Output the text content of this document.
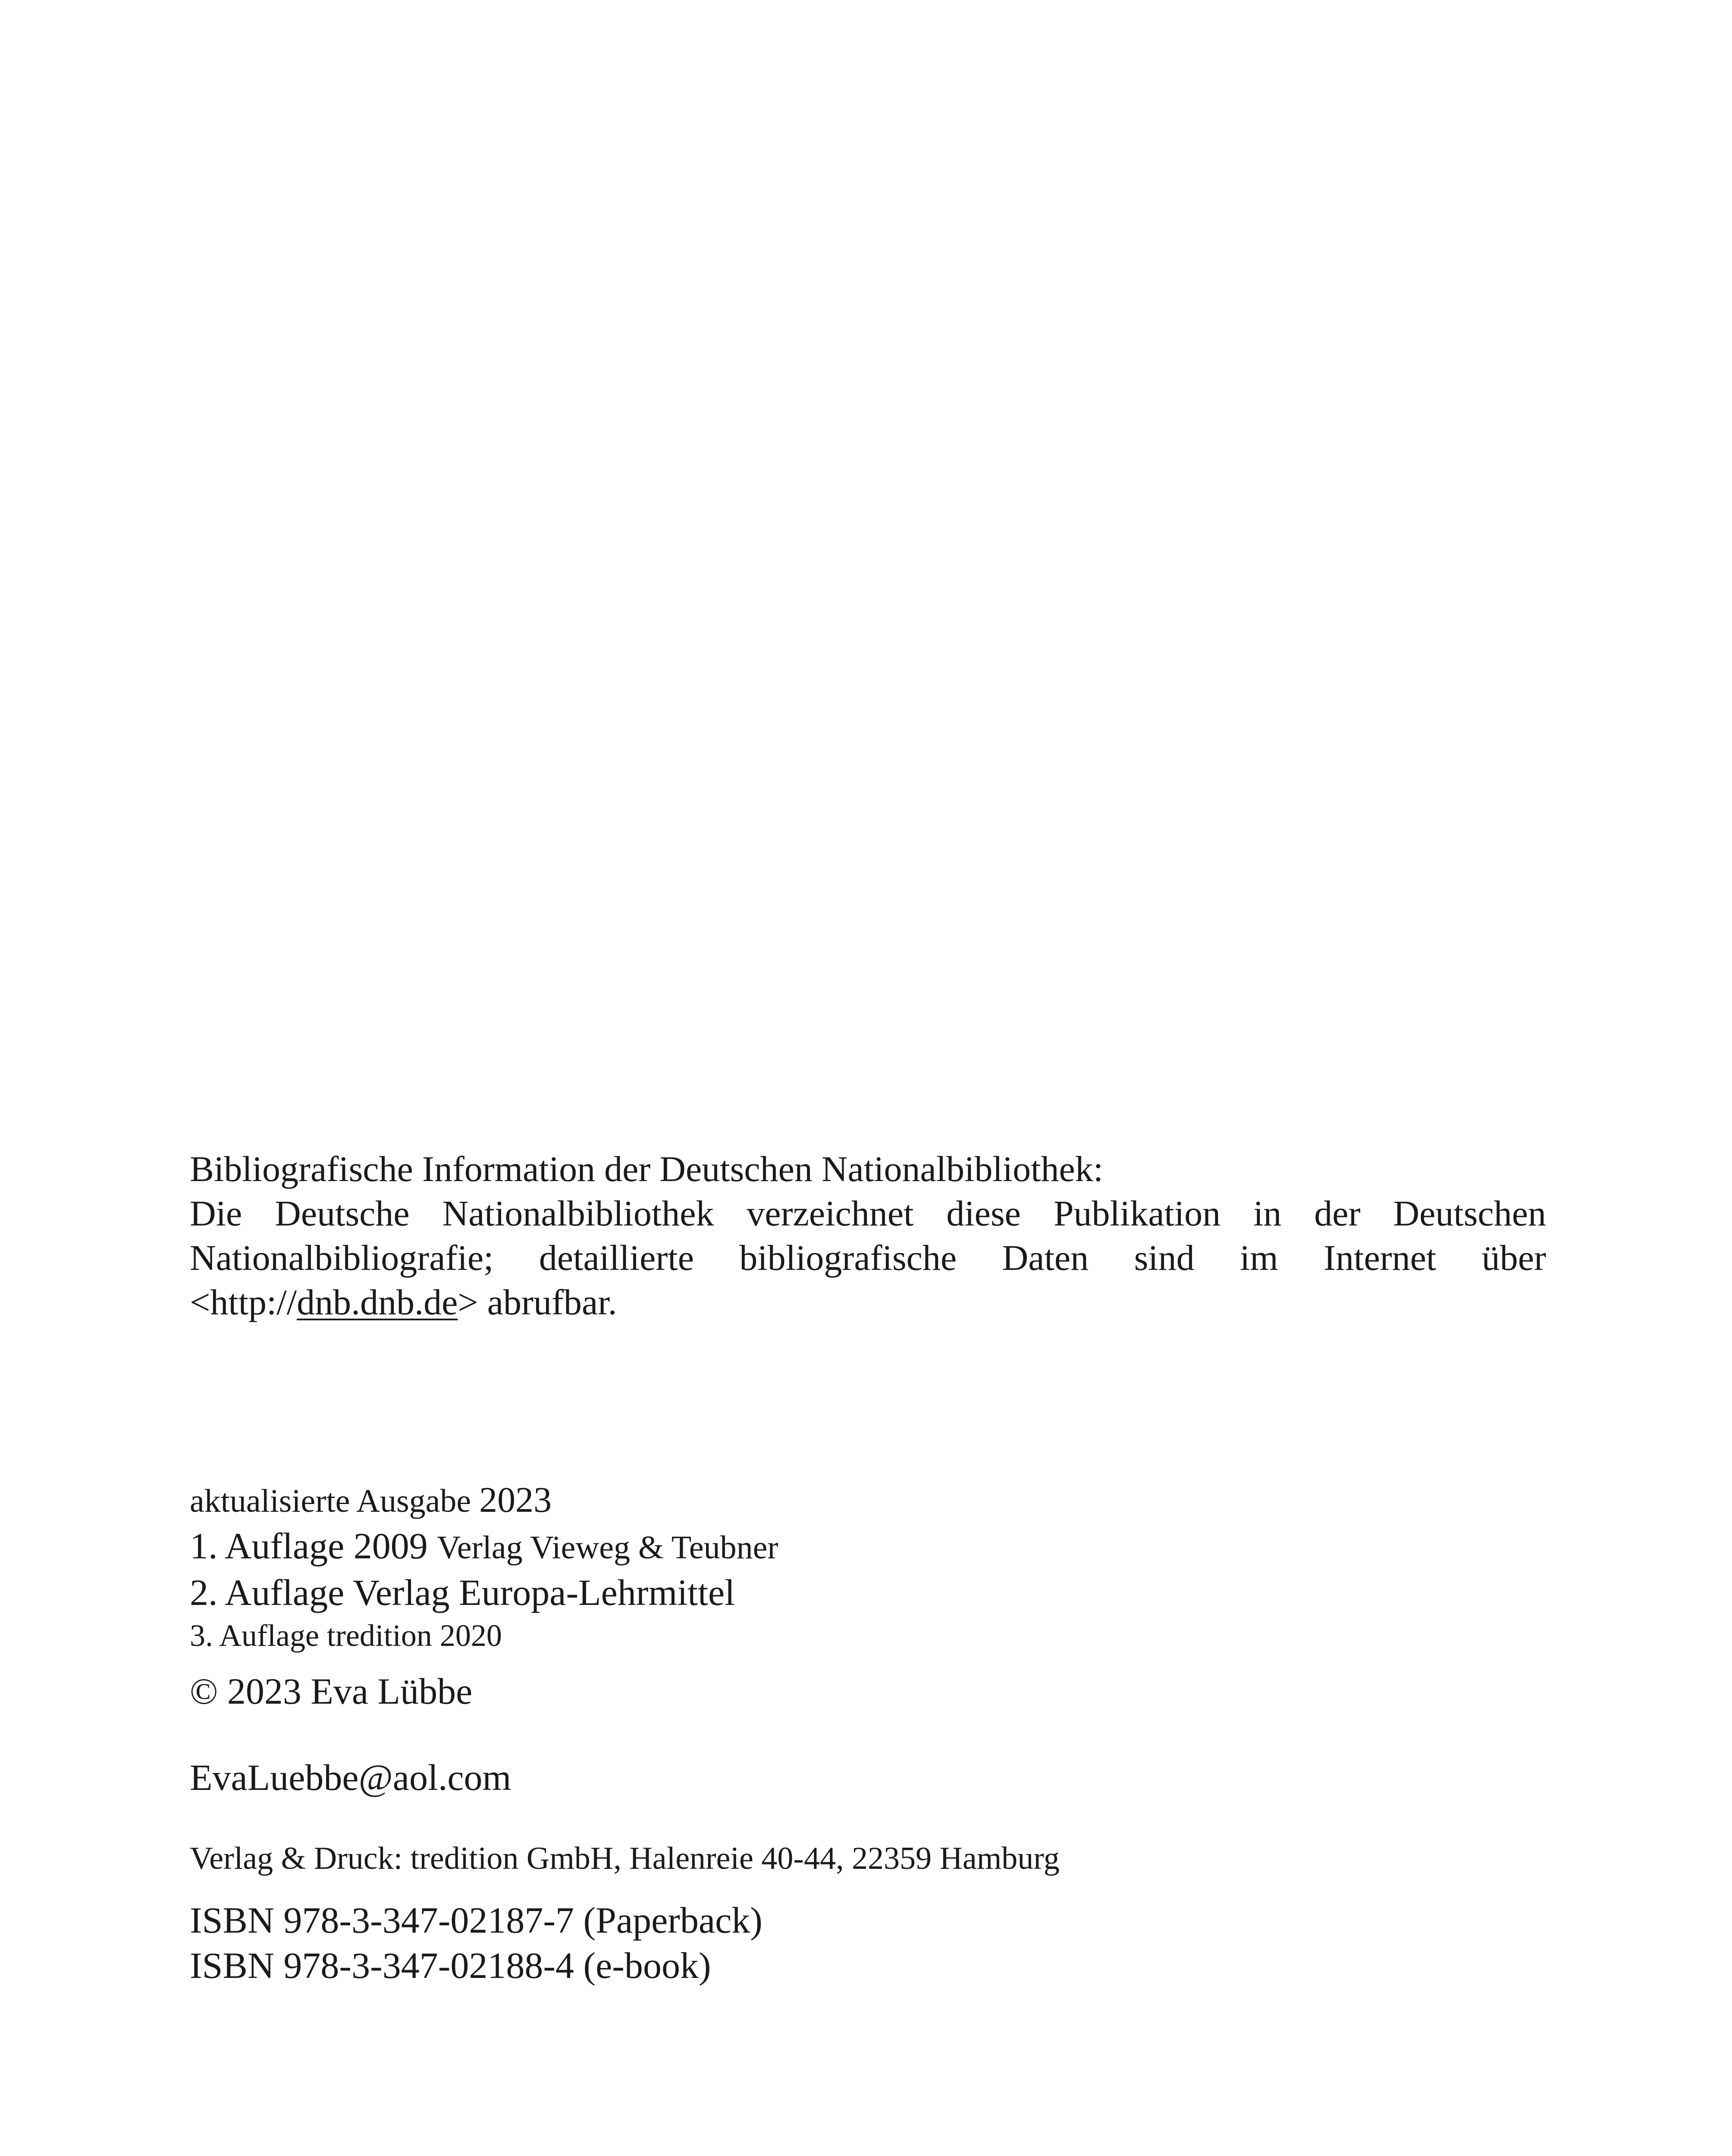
Bibliografische Information der Deutschen Nationalbibliothek:
Die Deutsche Nationalbibliothek verzeichnet diese Publikation in der Deutschen Nationalbibliografie; detaillierte bibliografische Daten sind im Internet über <http://dnb.dnb.de> abrufbar.
aktualisierte Ausgabe 2023
1. Auflage 2009 Verlag Vieweg & Teubner
2. Auflage Verlag Europa-Lehrmittel
3. Auflage tredition 2020
© 2023 Eva Lübbe
EvaLuebbe@aol.com
Verlag & Druck: tredition GmbH, Halenreie 40-44, 22359 Hamburg
ISBN 978-3-347-02187-7 (Paperback)
ISBN 978-3-347-02188-4 (e-book)
